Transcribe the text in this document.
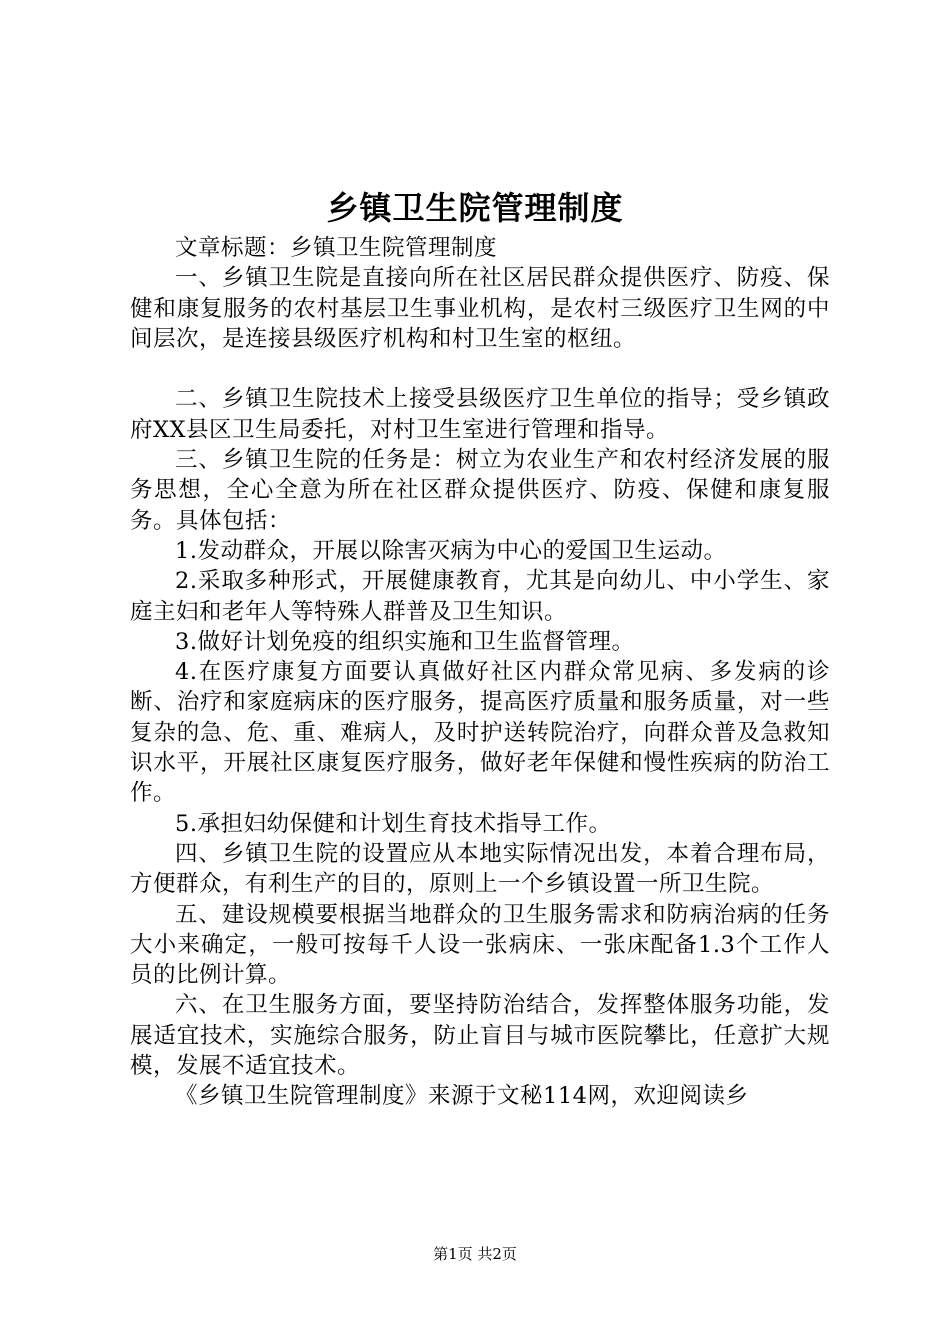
乡镇卫生院管理制度

文章标题：乡镇卫生院管理制度

一、乡镇卫生院是直接向所在社区居民群众提供医疗、防疫、保健和康复服务的农村基层卫生事业机构，是农村三级医疗卫生网的中间层次，是连接县级医疗机构和村卫生室的枢纽。

二、乡镇卫生院技术上接受县级医疗卫生单位的指导；受乡镇政府XX县区卫生局委托，对村卫生室进行管理和指导。

三、乡镇卫生院的任务是：树立为农业生产和农村经济发展的服务思想，全心全意为所在社区群众提供医疗、防疫、保健和康复服务。具体包括：

1.发动群众，开展以除害灭病为中心的爱国卫生运动。

2.采取多种形式，开展健康教育，尤其是向幼儿、中小学生、家庭主妇和老年人等特殊人群普及卫生知识。

3.做好计划免疫的组织实施和卫生监督管理。

4.在医疗康复方面要认真做好社区内群众常见病、多发病的诊断、治疗和家庭病床的医疗服务，提高医疗质量和服务质量，对一些复杂的急、危、重、难病人，及时护送转院治疗，向群众普及急救知识水平，开展社区康复医疗服务，做好老年保健和慢性疾病的防治工作。

5.承担妇幼保健和计划生育技术指导工作。

四、乡镇卫生院的设置应从本地实际情况出发，本着合理布局，方便群众，有利生产的目的，原则上一个乡镇设置一所卫生院。

五、建设规模要根据当地群众的卫生服务需求和防病治病的任务大小来确定，一般可按每千人设一张病床、一张床配备1.3个工作人员的比例计算。

六、在卫生服务方面，要坚持防治结合，发挥整体服务功能，发展适宜技术，实施综合服务，防止盲目与城市医院攀比，任意扩大规模，发展不适宜技术。

《乡镇卫生院管理制度》来源于文秘114网，欢迎阅读乡

第1页 共2页
